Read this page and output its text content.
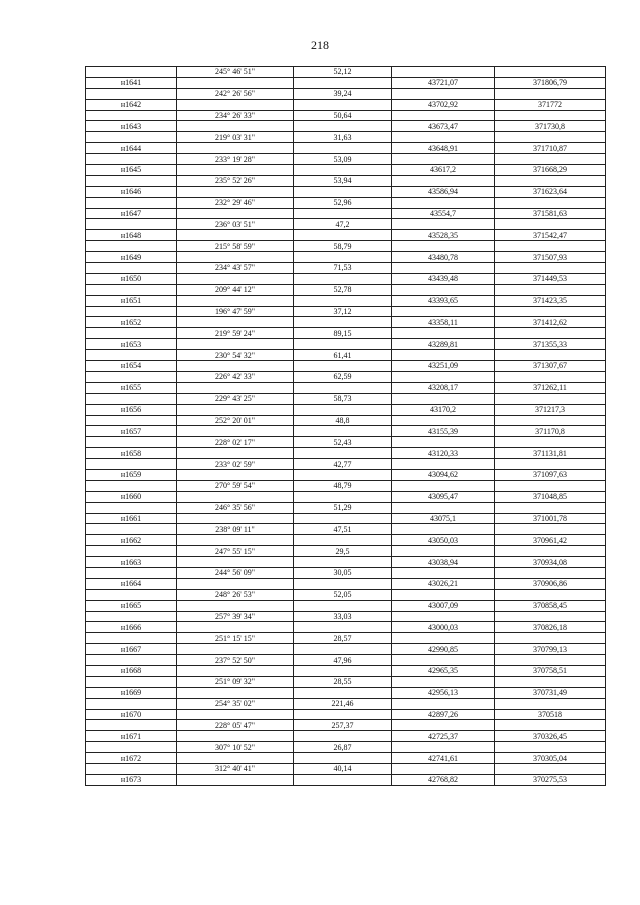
218
	245° 46' 51"	52,12		
н1641			43721,07	371806,79
	242° 26' 56"	39,24		
н1642			43702,92	371772
	234° 26' 33"	50,64		
н1643			43673,47	371730,8
	219° 03' 31"	31,63		
н1644			43648,91	371710,87
	233° 19' 28"	53,09		
н1645			43617,2	371668,29
	235° 52' 26"	53,94		
н1646			43586,94	371623,64
	232° 29' 46"	52,96		
н1647			43554,7	371581,63
	236° 03' 51"	47,2		
н1648			43528,35	371542,47
	215° 58' 59"	58,79		
н1649			43480,78	371507,93
	234° 43' 57"	71,53		
н1650			43439,48	371449,53
	209° 44' 12"	52,78		
н1651			43393,65	371423,35
	196° 47' 59"	37,12		
н1652			43358,11	371412,62
	219° 59' 24"	89,15		
н1653			43289,81	371355,33
	230° 54' 32"	61,41		
н1654			43251,09	371307,67
	226° 42' 33"	62,59		
н1655			43208,17	371262,11
	229° 43' 25"	58,73		
н1656			43170,2	371217,3
	252° 20' 01"	48,8		
н1657			43155,39	371170,8
	228° 02' 17"	52,43		
н1658			43120,33	371131,81
	233° 02' 59"	42,77		
н1659			43094,62	371097,63
	270° 59' 54"	48,79		
н1660			43095,47	371048,85
	246° 35' 56"	51,29		
н1661			43075,1	371001,78
	238° 09' 11"	47,51		
н1662			43050,03	370961,42
	247° 55' 15"	29,5		
н1663			43038,94	370934,08
	244° 56' 09"	30,05		
н1664			43026,21	370906,86
	248° 26' 53"	52,05		
н1665			43007,09	370858,45
	257° 39' 34"	33,03		
н1666			43000,03	370826,18
	251° 15' 15"	28,57		
н1667			42990,85	370799,13
	237° 52' 50"	47,96		
н1668			42965,35	370758,51
	251° 09' 32"	28,55		
н1669			42956,13	370731,49
	254° 35' 02"	221,46		
н1670			42897,26	370518
	228° 05' 47"	257,37		
н1671			42725,37	370326,45
	307° 10' 52"	26,87		
н1672			42741,61	370305,04
	312° 40' 41"	40,14		
н1673			42768,82	370275,53
